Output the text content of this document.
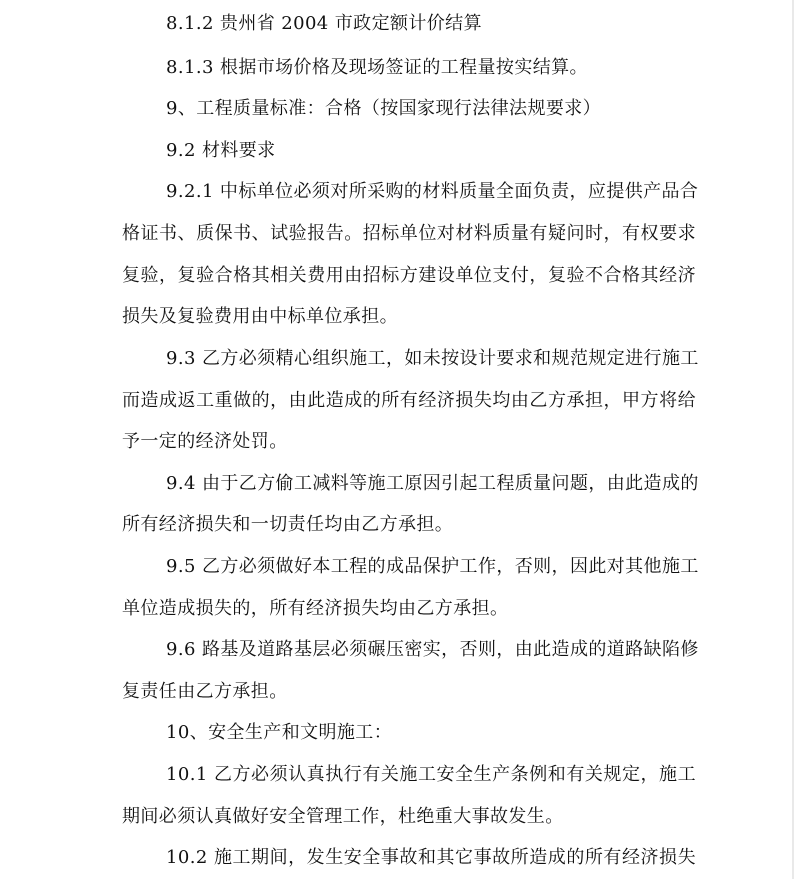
8.1.2 贵州省 2004 市政定额计价结算
8.1.3 根据市场价格及现场签证的工程量按实结算。
9、工程质量标准：合格（按国家现行法律法规要求）
9.2 材料要求
9.2.1 中标单位必须对所采购的材料质量全面负责，应提供产品合
格证书、质保书、试验报告。招标单位对材料质量有疑问时，有权要求
复验，复验合格其相关费用由招标方建设单位支付，复验不合格其经济
损失及复验费用由中标单位承担。
9.3 乙方必须精心组织施工，如未按设计要求和规范规定进行施工
而造成返工重做的，由此造成的所有经济损失均由乙方承担，甲方将给
予一定的经济处罚。
9.4 由于乙方偷工减料等施工原因引起工程质量问题，由此造成的
所有经济损失和一切责任均由乙方承担。
9.5 乙方必须做好本工程的成品保护工作，否则，因此对其他施工
单位造成损失的，所有经济损失均由乙方承担。
9.6 路基及道路基层必须碾压密实，否则，由此造成的道路缺陷修
复责任由乙方承担。
10、安全生产和文明施工：
10.1 乙方必须认真执行有关施工安全生产条例和有关规定，施工
期间必须认真做好安全管理工作，杜绝重大事故发生。
10.2 施工期间，发生安全事故和其它事故所造成的所有经济损失
